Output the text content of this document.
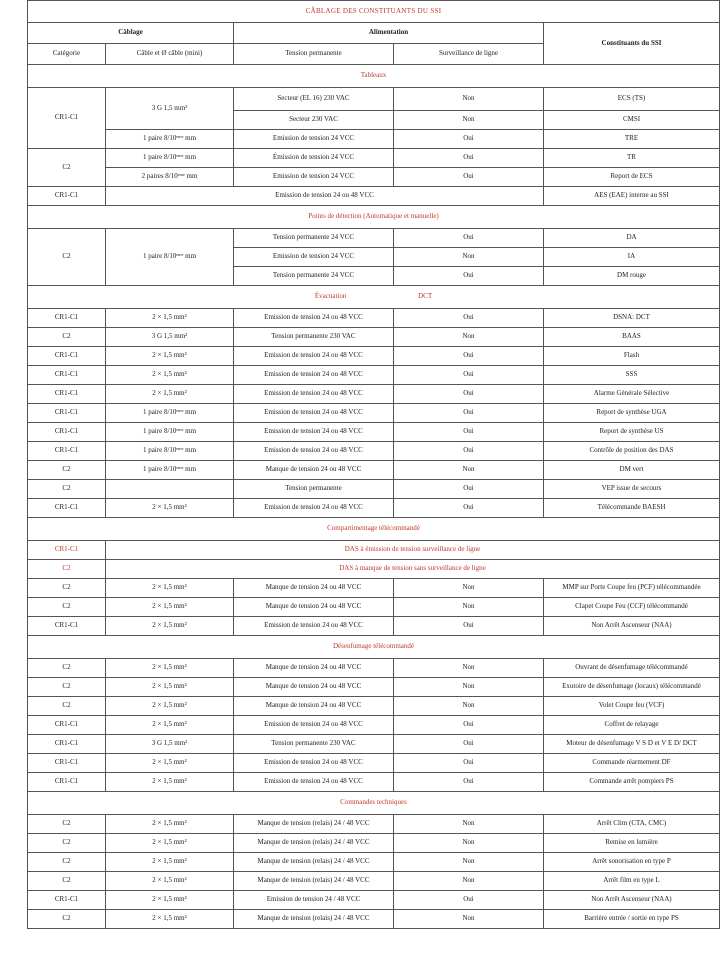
CÂBLAGE DES CONSTITUANTS DU SSI				
Câblage		Alimentation		Constituants du SSI
Catégorie	Câble et Ø câble (mini)	Tension permanente	Surveillance de ligne	
Tableaux				
CR1-C1	3 G 1,5 mm²	Secteur (EL 16) 230 VAC	Non	ECS (TS)
		Secteur 230 VAC	Non	CMSI
	1 paire 8/10ᵉᵐᵉ mm	Emission de tension 24 VCC	Oui	TRE
C2	1 paire 8/10ᵉᵐᵉ mm	Émission de tension 24 VCC	Oui	TR
	2 paires 8/10ᵉᵐᵉ mm	Emission de tension 24 VCC	Oui	Report de ECS
CR1-C1	Emission de tension 24 ou 48 VCC			AES (EAE) interne au SSI
Points de détection (Automatique et manuelle)				
C2	1 paire 8/10ᵉᵐᵉ mm	Tension permanente 24 VCC	Oui	DA
		Emission de tension 24 VCC	Non	IA
		Tension permanente 24 VCC	Oui	DM rouge
Évacuation DCT				
CR1-C1	2 × 1,5 mm²	Emission de tension 24 ou 48 VCC	Oui	DSNA: DCT
C2	3 G 1,5 mm²	Tension permanente 230 VAC	Non	BAAS
CR1-C1	2 × 1,5 mm²	Emission de tension 24 ou 48 VCC	Oui	Flash
CR1-C1	2 × 1,5 mm²	Emission de tension 24 ou 48 VCC	Oui	SSS
CR1-C1	2 × 1,5 mm²	Emission de tension 24 ou 48 VCC	Oui	Alarme Générale Sélective
CR1-C1	1 paire 8/10ᵉᵐᵉ mm	Emission de tension 24 ou 48 VCC	Oui	Report de synthèse UGA
CR1-C1	1 paire 8/10ᵉᵐᵉ mm	Emission de tension 24 ou 48 VCC	Oui	Report de synthèse US
CR1-C1	1 paire 8/10ᵉᵐᵉ mm	Emission de tension 24 ou 48 VCC	Oui	Contrôle de position des DAS
C2	1 paire 8/10ᵉᵐᵉ mm	Manque de tension 24 ou 48 VCC	Non	DM vert
C2		Tension permanente	Oui	VEP issue de secours
CR1-C1	2 × 1,5 mm²	Emission de tension 24 ou 48 VCC	Oui	Télécommande BAESH
Compartimentage télécommandé				
CR1-C1	DAS à émission de tension surveillance de ligne			
C2	DAS à manque de tension sans surveillance de ligne			
C2	2 × 1,5 mm²	Manque de tension 24 ou 48 VCC	Non	MMP sur Porte Coupe feu (PCF) télécommandée
C2	2 × 1,5 mm²	Manque de tension 24 ou 48 VCC	Non	Clapet Coupe Feu (CCF) télécommandé
CR1-C1	2 × 1,5 mm²	Emission de tension 24 ou 48 VCC	Oui	Non Arrêt Ascenseur (NAA)
Désenfumage télécommandé				
C2	2 × 1,5 mm²	Manque de tension 24 ou 48 VCC	Non	Ouvrant de désenfumage télécommandé
C2	2 × 1,5 mm²	Manque de tension 24 ou 48 VCC	Non	Exutoire de désenfumage (locaux) télécommandé
C2	2 × 1,5 mm²	Manque de tension 24 ou 48 VCC	Non	Volet Coupe feu (VCF)
CR1-C1	2 × 1,5 mm²	Emission de tension 24 ou 48 VCC	Oui	Coffret de relayage
CR1-C1	3 G 1,5 mm²	Tension permanente 230 VAC	Oui	Moteur de désenfumage V S D et V E D/ DCT
CR1-C1	2 × 1,5 mm²	Emission de tension 24 ou 48 VCC	Oui	Commande réarmement DF
CR1-C1	2 × 1,5 mm²	Emission de tension 24 ou 48 VCC	Oui	Commande arrêt pompiers PS
Commandes techniques				
C2	2 × 1,5 mm²	Manque de tension (relais) 24 / 48 VCC	Non	Arrêt Clim (CTA, CMC)
C2	2 × 1,5 mm²	Manque de tension (relais) 24 / 48 VCC	Non	Remise en lumière
C2	2 × 1,5 mm²	Manque de tension (relais) 24 / 48 VCC	Non	Arrêt sonorisation en type P
C2	2 × 1,5 mm²	Manque de tension (relais) 24 / 48 VCC	Non	Arrêt film en type L
CR1-C1	2 × 1,5 mm²	Emission de tension 24 / 48 VCC	Oui	Non Arrêt Ascenseur (NAA)
C2	2 × 1,5 mm²	Manque de tension (relais) 24 / 48 VCC	Non	Barrière entrée / sortie en type PS
